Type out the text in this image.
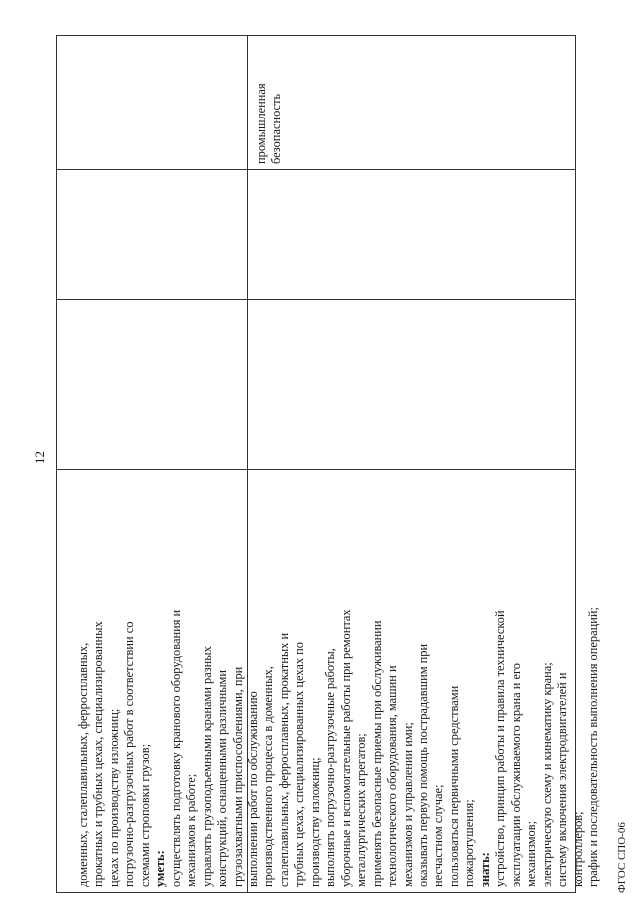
12
доменных, сталеплавильных, ферросплавных, прокатных и трубных цехах, специализированных цехах по производству изложниц; погрузочно-разгрузочных работ в соответствии со схемами строповки грузов; уметь: осуществлять подготовку кранового оборудования и механизмов к работе; управлять грузоподъемными кранами разных конструкций, оснащенными различными грузозахватными приспособлениями, при выполнении работ по обслуживанию производственного процесса в доменных, сталеплавильных, ферросплавных, прокатных и трубных цехах, специализированных цехах по производству изложниц; выполнять погрузочно-разгрузочные работы, уборочные и вспомогательные работы при ремонтах металлургических агрегатов; применять безопасные приемы при обслуживании технологического оборудования, машин и механизмов и управлении ими; оказывать первую помощь пострадавшим при несчастном случае; пользоваться первичными средствами пожаротушения; знать: устройство, принцип работы и правила технической эксплуатации обслуживаемого крана и его механизмов; электрическую схему и кинематику крана; систему включения электродвигателей и контроллеров; график и последовательность выполнения операций;
промышленная безопасность
ФГОС СПО-06
